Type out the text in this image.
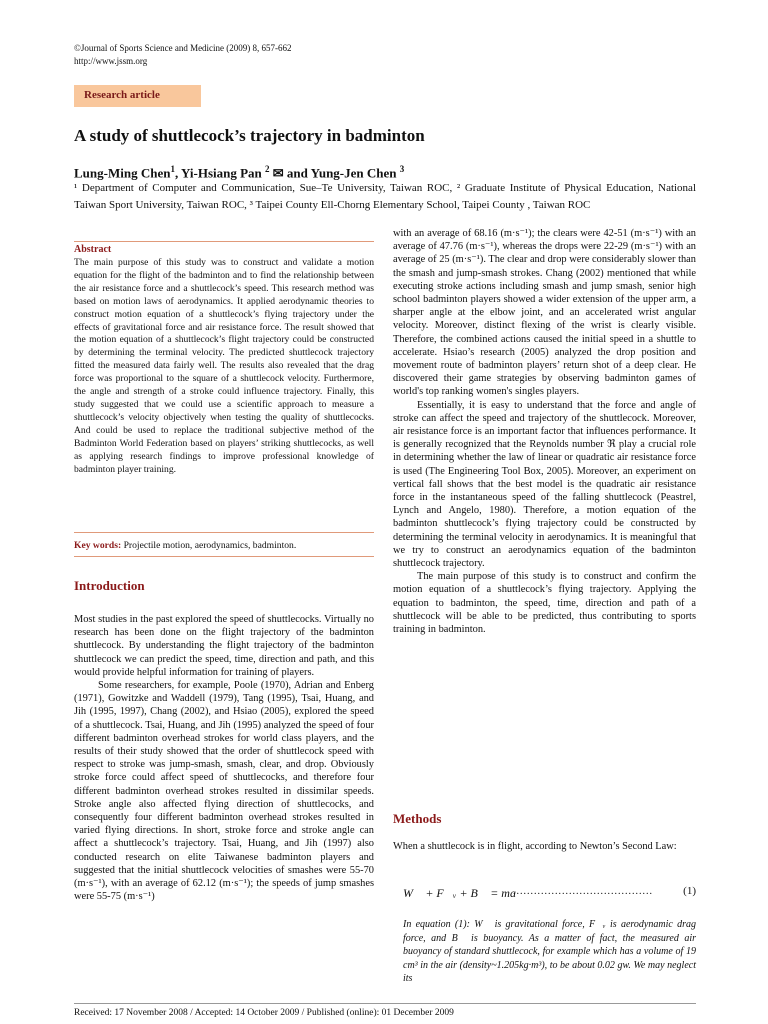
©Journal of Sports Science and Medicine (2009) 8, 657-662
http://www.jssm.org
Research article
A study of shuttlecock’s trajectory in badminton
Lung-Ming Chen$^1$, Yi-Hsiang Pan $^2$ ✉ and Yung-Jen Chen $^3$
¹ Department of Computer and Communication, Sue–Te University, Taiwan ROC, ² Graduate Institute of Physical Education, National Taiwan Sport University, Taiwan ROC, ³ Taipei County Ell-Chorng Elementary School, Taipei County , Taiwan ROC
Abstract
The main purpose of this study was to construct and validate a motion equation for the flight of the badminton and to find the relationship between the air resistance force and a shuttlecock’s speed. This research method was based on motion laws of aerodynamics. It applied aerodynamic theories to construct motion equation of a shuttlecock’s flying trajectory under the effects of gravitational force and air resistance force. The result showed that the motion equation of a shuttlecock’s flight trajectory could be constructed by determining the terminal velocity. The predicted shuttlecock trajectory fitted the measured data fairly well. The results also revealed that the drag force was proportional to the square of a shuttlecock velocity. Furthermore, the angle and strength of a stroke could influence trajectory. Finally, this study suggested that we could use a scientific approach to measure a shuttlecock’s velocity objectively when testing the quality of shuttlecocks. And could be used to replace the traditional subjective method of the Badminton World Federation based on players’ striking shuttlecocks, as well as applying research findings to improve professional knowledge of badminton player training.
Key words: Projectile motion, aerodynamics, badminton.
Introduction

Most studies in the past explored the speed of shuttlecocks. Virtually no research has been done on the flight trajectory of the badminton shuttlecock. By understanding the flight trajectory of the badminton shuttlecock we can predict the speed, time, direction and path, and this would provide helpful information for training of players.

Some researchers, for example, Poole (1970), Adrian and Enberg (1971), Gowitzke and Waddell (1979), Tang (1995), Tsai, Huang, and Jih (1995, 1997), Chang (2002), and Hsiao (2005), explored the speed of a shuttlecock. Tsai, Huang, and Jih (1995) analyzed the speed of four different badminton overhead strokes for world class players, and the results of their study showed that the order of shuttlecock speed with respect to stroke was jump-smash, smash, clear, and drop. Obviously stroke force could affect speed of shuttlecocks, and therefore four different badminton overhead strokes resulted in dissimilar speeds. Stroke angle also affected flying direction of shuttlecocks, and consequently four different badminton overhead strokes resulted in varied flying directions. In short, stroke force and stroke angle can affect a shuttlecock’s trajectory. Tsai, Huang, and Jih (1997) also conducted research on elite Taiwanese badminton players and suggested that the initial shuttlecock velocities of smashes were 55-70 (m·s⁻¹), with an average of 62.12 (m·s⁻¹); the speeds of jump smashes were 55-75 (m·s⁻¹)

with an average of 68.16 (m·s⁻¹); the clears were 42-51 (m·s⁻¹) with an average of 47.76 (m·s⁻¹), whereas the drops were 22-29 (m·s⁻¹) with an average of 25 (m·s⁻¹). The clear and drop were considerably slower than the smash and jump-smash strokes. Chang (2002) mentioned that while executing stroke actions including smash and jump smash, senior high school badminton players showed a wider extension of the upper arm, a sharper angle at the elbow joint, and an accelerated wrist angular velocity. Moreover, distinct flexing of the wrist is clearly visible. Therefore, the combined actions caused the initial speed in a shuttle to accelerate. Hsiao’s research (2005) analyzed the drop position and movement route of badminton players’ return shot of a deep clear. He discovered their game strategies by observing badminton games of world's top ranking women's singles players.

Essentially, it is easy to understand that the force and angle of stroke can affect the speed and trajectory of the shuttlecock. Moreover, air resistance force is an important factor that influences performance. It is generally recognized that the Reynolds number ℜ play a crucial role in determining whether the law of linear or quadratic air resistance force is used (The Engineering Tool Box, 2005). Moreover, an experiment on vertical fall shows that the best model is the quadratic air resistance force in the instantaneous speed of the falling shuttlecock (Peastrel, Lynch and Angelo, 1980). Therefore, a motion equation of the badminton shuttlecock’s flying trajectory could be constructed by determining the terminal velocity in aerodynamics. It is meaningful that we try to construct an aerodynamics equation of the badminton shuttlecock trajectory.

The main purpose of this study is to construct and confirm the motion equation of a shuttlecock’s flying trajectory. Applying the equation to badminton, the speed, time, direction and path of a shuttlecock will be able to be predicted, thus contributing to sports training in badminton.

Methods
When a shuttlecock is in flight, according to Newton’s Second Law:
W⃗ + F⃗ᵥ + B⃗ = ma⃗
........................................	(1)
In equation (1): W⃗ is gravitational force, F⃗ᵥ is aerodynamic drag force, and B⃗ is buoyancy. As a matter of fact, the measured air buoyancy of standard shuttlecock, for example which has a volume of 19 cm³ in the air (density~1.205kg·m³), to be about 0.02 gw. We may neglect its
Received: 17 November 2008 / Accepted: 14 October 2009 / Published (online): 01 December 2009
